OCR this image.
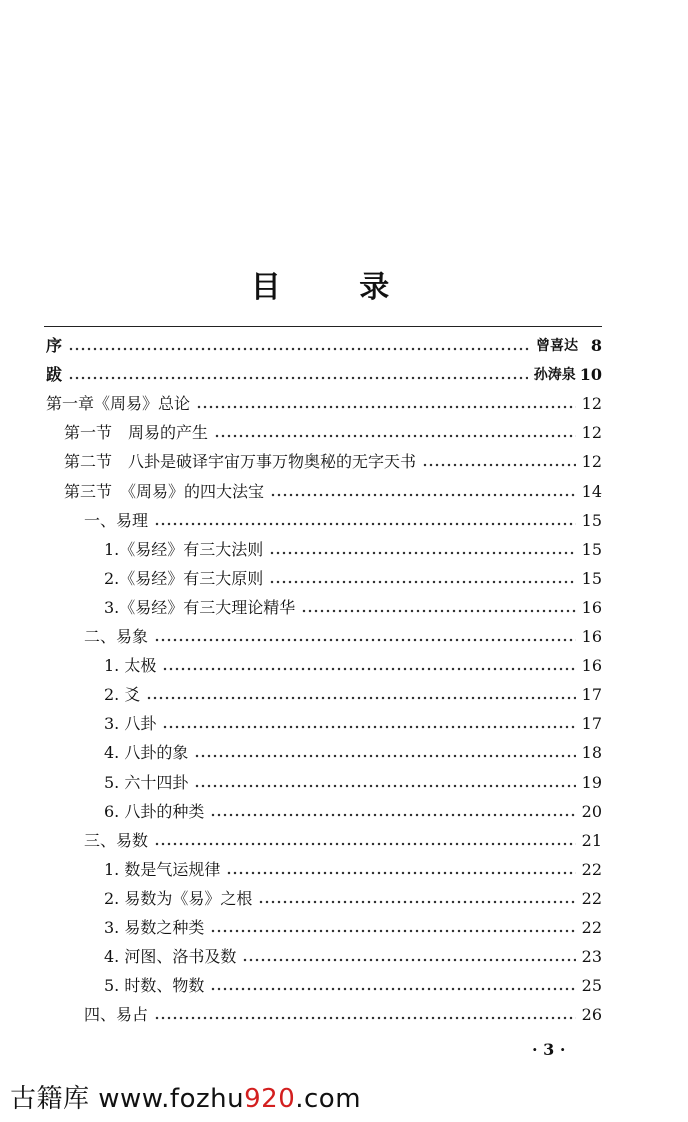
目 录
序	曾喜达 8
跋	孙涛泉 10
第一章《周易》总论	12
第一节　周易的产生	12
第二节　八卦是破译宇宙万事万物奥秘的无字天书	12
第三节　《周易》的四大法宝	14
一、易理	15
1.《易经》有三大法则	15
2.《易经》有三大原则	15
3.《易经》有三大理论精华	16
二、易象	16
1. 太极	16
2. 爻	17
3. 八卦	17
4. 八卦的象	18
5. 六十四卦	19
6. 八卦的种类	20
三、易数	21
1. 数是气运规律	22
2. 易数为《易》之根	22
3. 易数之种类	22
4. 河图、洛书及数	23
5. 时数、物数	25
四、易占	26
· 3 ·
古籍库 www.fozhu920.com
